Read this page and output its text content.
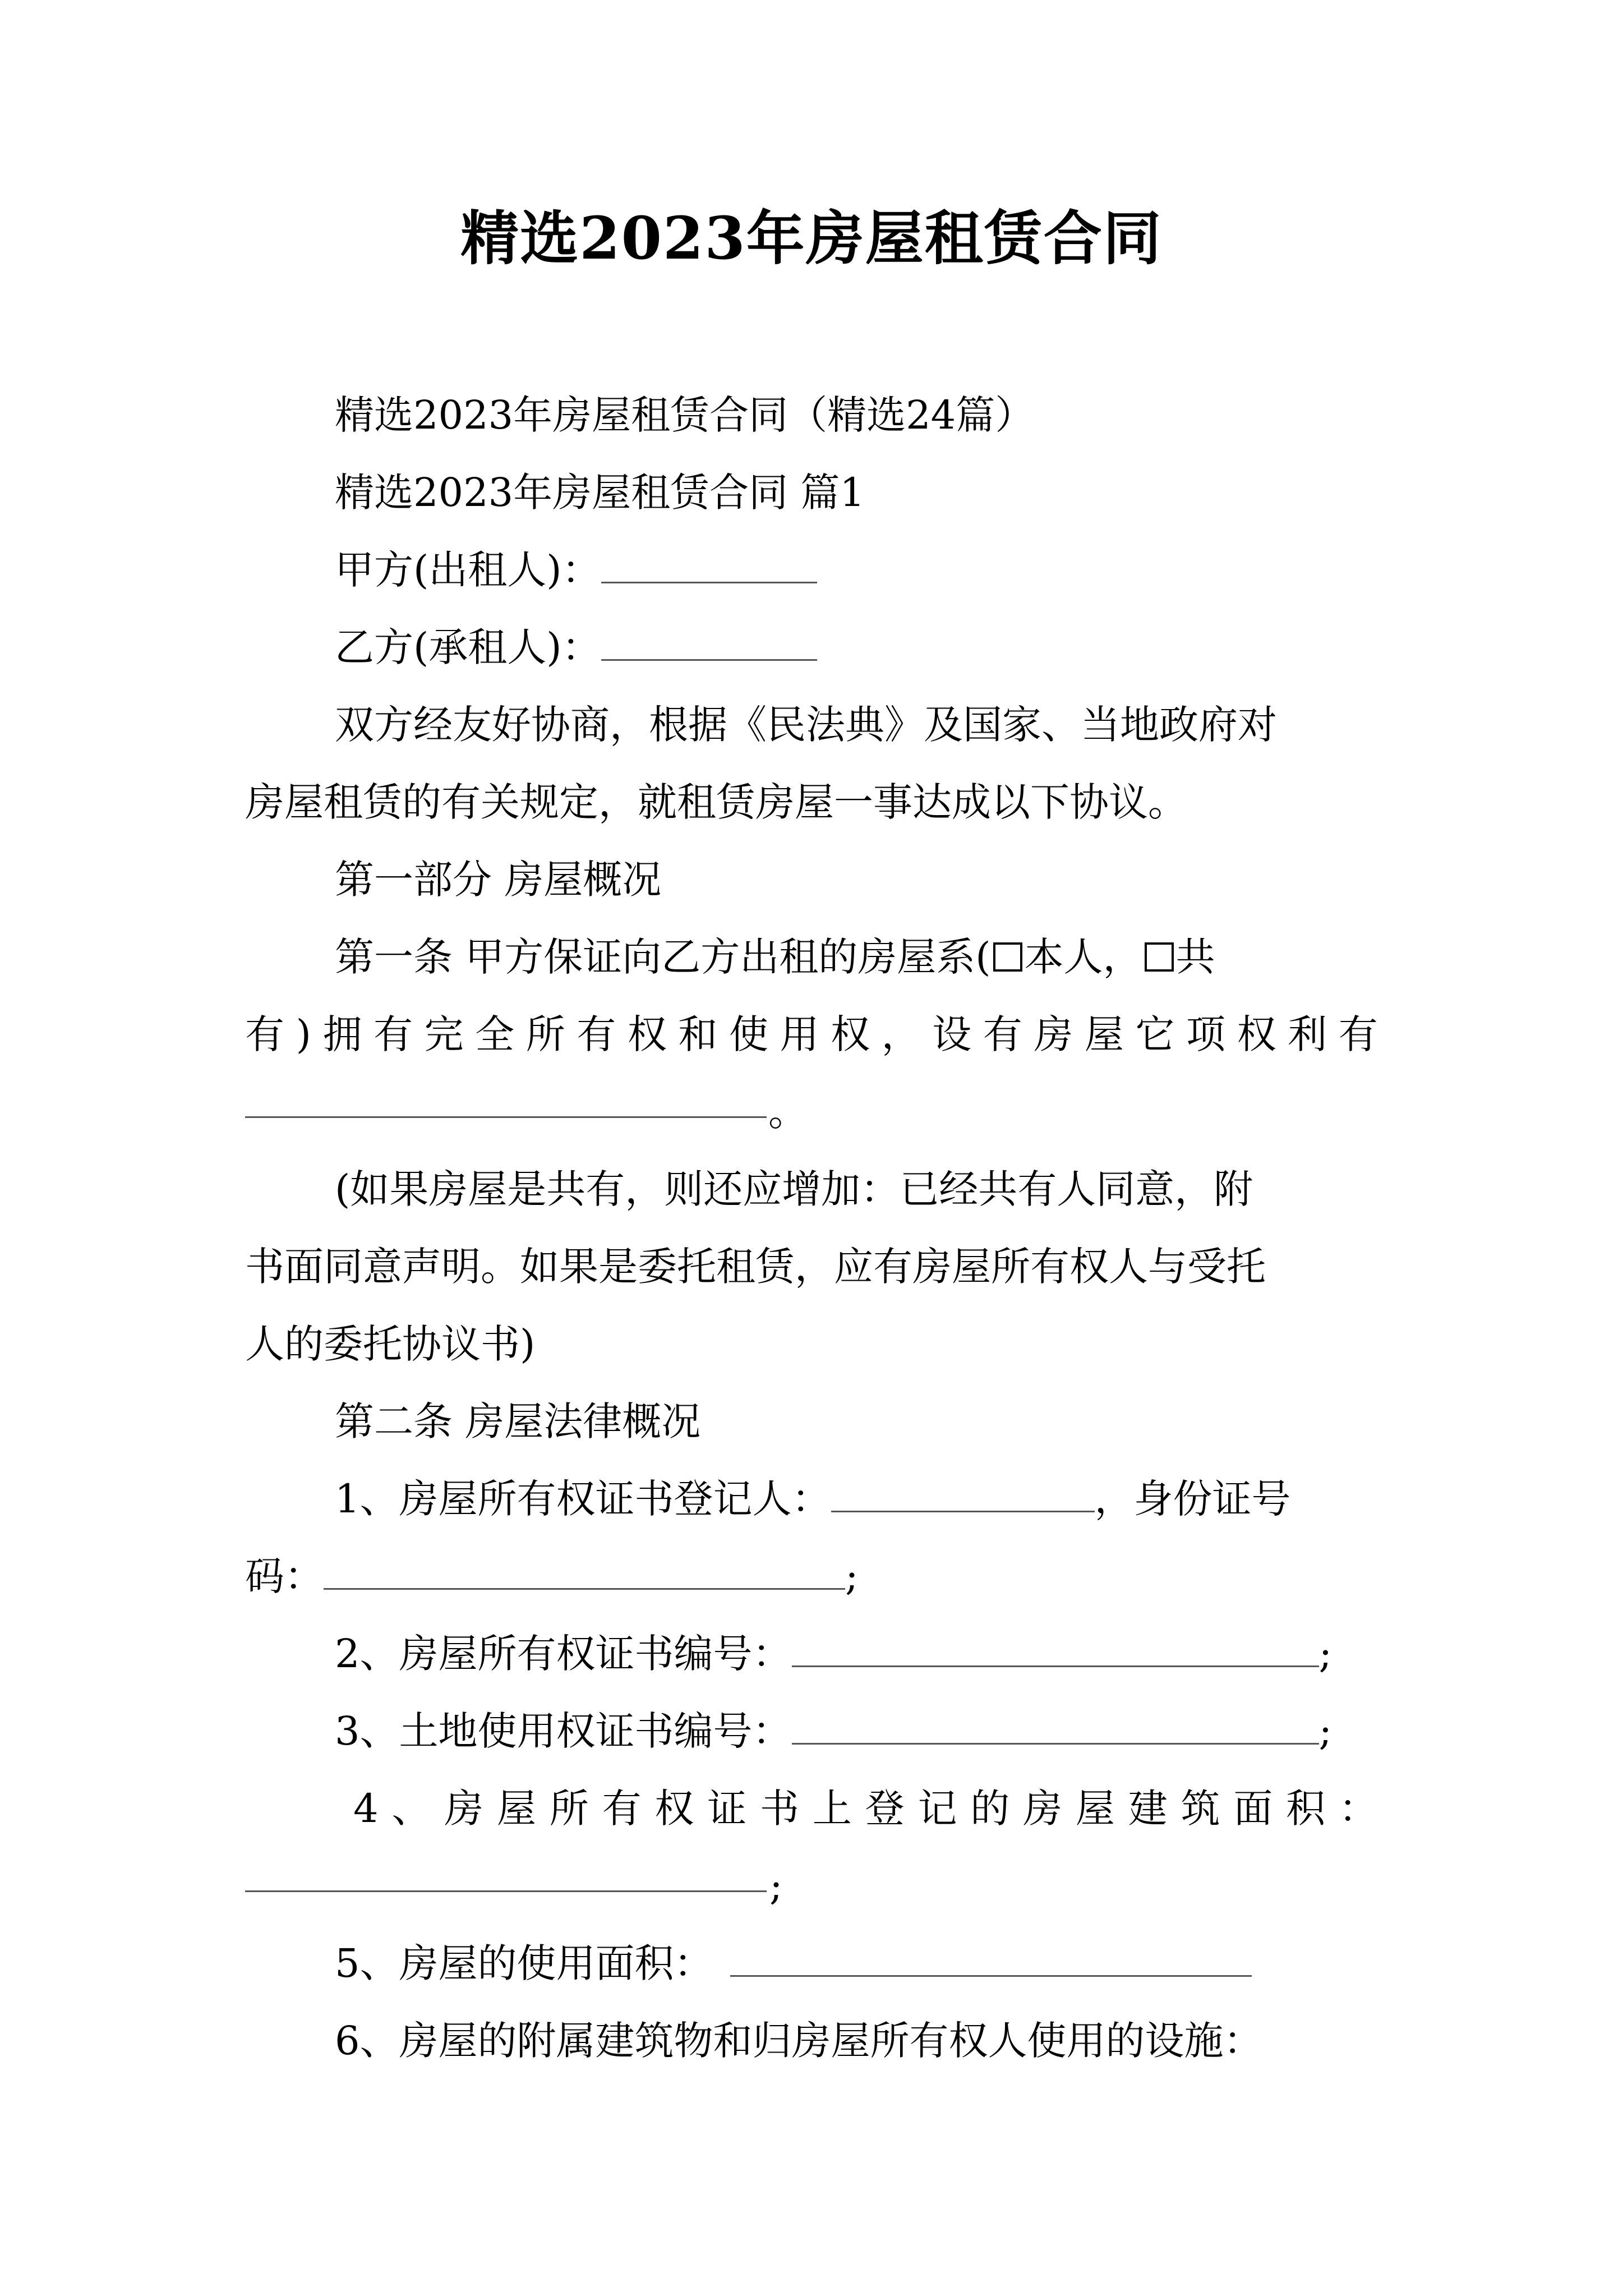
精选2023年房屋租赁合同
精选2023年房屋租赁合同（精选24篇）
精选2023年房屋租赁合同 篇1
甲方(出租人)：
乙方(承租人)：
双方经友好协商，根据《民法典》及国家、当地政府对
房屋租赁的有关规定，就租赁房屋一事达成以下协议。
第一部分 房屋概况
第一条 甲方保证向乙方出租的房屋系( 本人， 共
有 ) 拥 有 完 全 所 有 权 和 使 用 权 ， 设 有 房 屋 它 项 权 利 有
。
(如果房屋是共有，则还应增加：已经共有人同意，附
书面同意声明。如果是委托租赁，应有房屋所有权人与受托
人的委托协议书)
第二条 房屋法律概况
1、房屋所有权证书登记人：	，身份证号
码：	;
2、房屋所有权证书编号：	;
3、土地使用权证书编号：	;
4 、 房 屋 所 有 权 证 书 上 登 记 的 房 屋 建 筑 面 积 ：
;
5、房屋的使用面积：
6、房屋的附属建筑物和归房屋所有权人使用的设施：
